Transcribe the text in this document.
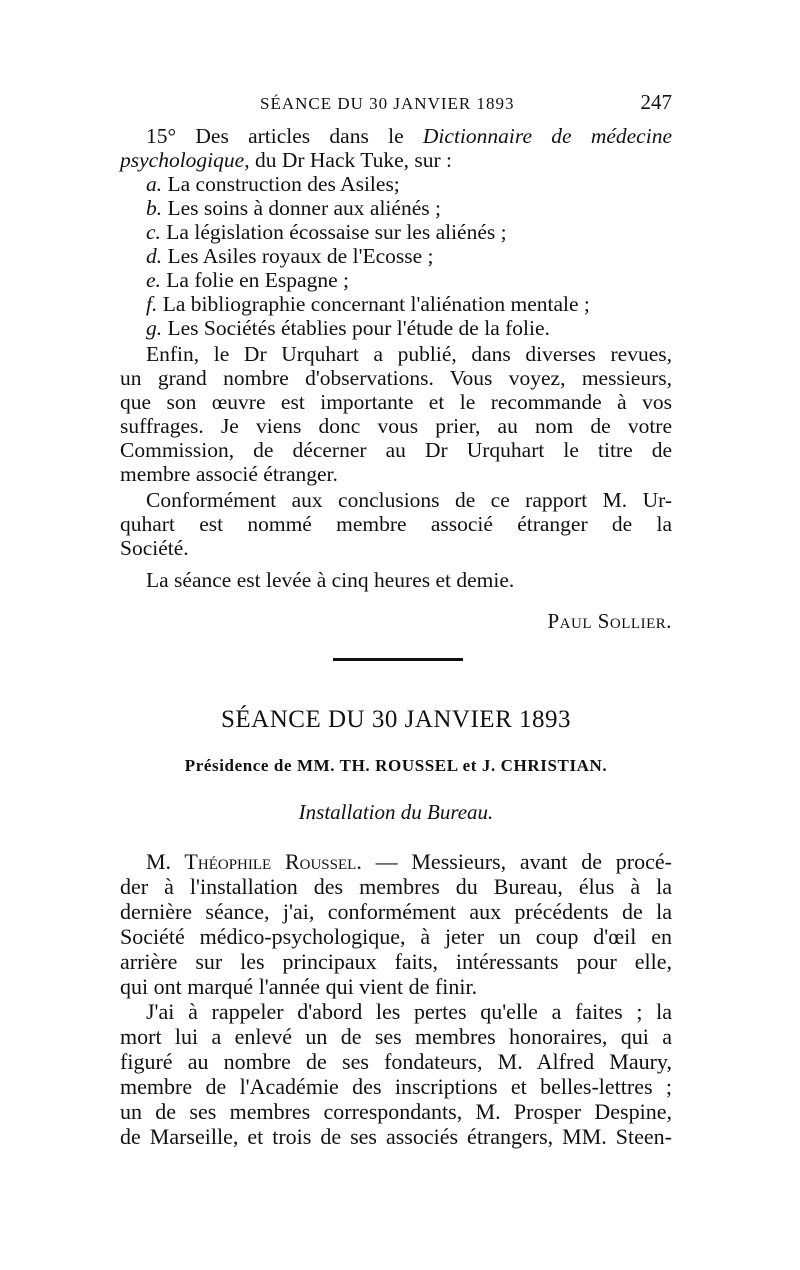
SÉANCE DU 30 JANVIER 1893	247
15° Des articles dans le Dictionnaire de médecine
psychologique, du Dr Hack Tuke, sur :
a. La construction des Asiles;
b. Les soins à donner aux aliénés ;
c. La législation écossaise sur les aliénés ;
d. Les Asiles royaux de l'Ecosse ;
e. La folie en Espagne ;
f. La bibliographie concernant l'aliénation mentale ;
g. Les Sociétés établies pour l'étude de la folie.
Enfin, le Dr Urquhart a publié, dans diverses revues,
un grand nombre d'observations. Vous voyez, messieurs,
que son œuvre est importante et le recommande à vos
suffrages. Je viens donc vous prier, au nom de votre
Commission, de décerner au Dr Urquhart le titre de
membre associé étranger.
Conformément aux conclusions de ce rapport M. Ur-
quhart est nommé membre associé étranger de la
Société.
La séance est levée à cinq heures et demie.
Paul Sollier.
SÉANCE DU 30 JANVIER 1893
Présidence de MM. TH. ROUSSEL et J. CHRISTIAN.
Installation du Bureau.
M. Théophile Roussel. — Messieurs, avant de procé-
der à l'installation des membres du Bureau, élus à la
dernière séance, j'ai, conformément aux précédents de la
Société médico-psychologique, à jeter un coup d'œil en
arrière sur les principaux faits, intéressants pour elle,
qui ont marqué l'année qui vient de finir.
J'ai à rappeler d'abord les pertes qu'elle a faites ; la
mort lui a enlevé un de ses membres honoraires, qui a
figuré au nombre de ses fondateurs, M. Alfred Maury,
membre de l'Académie des inscriptions et belles-lettres ;
un de ses membres correspondants, M. Prosper Despine,
de Marseille, et trois de ses associés étrangers, MM. Steen-
